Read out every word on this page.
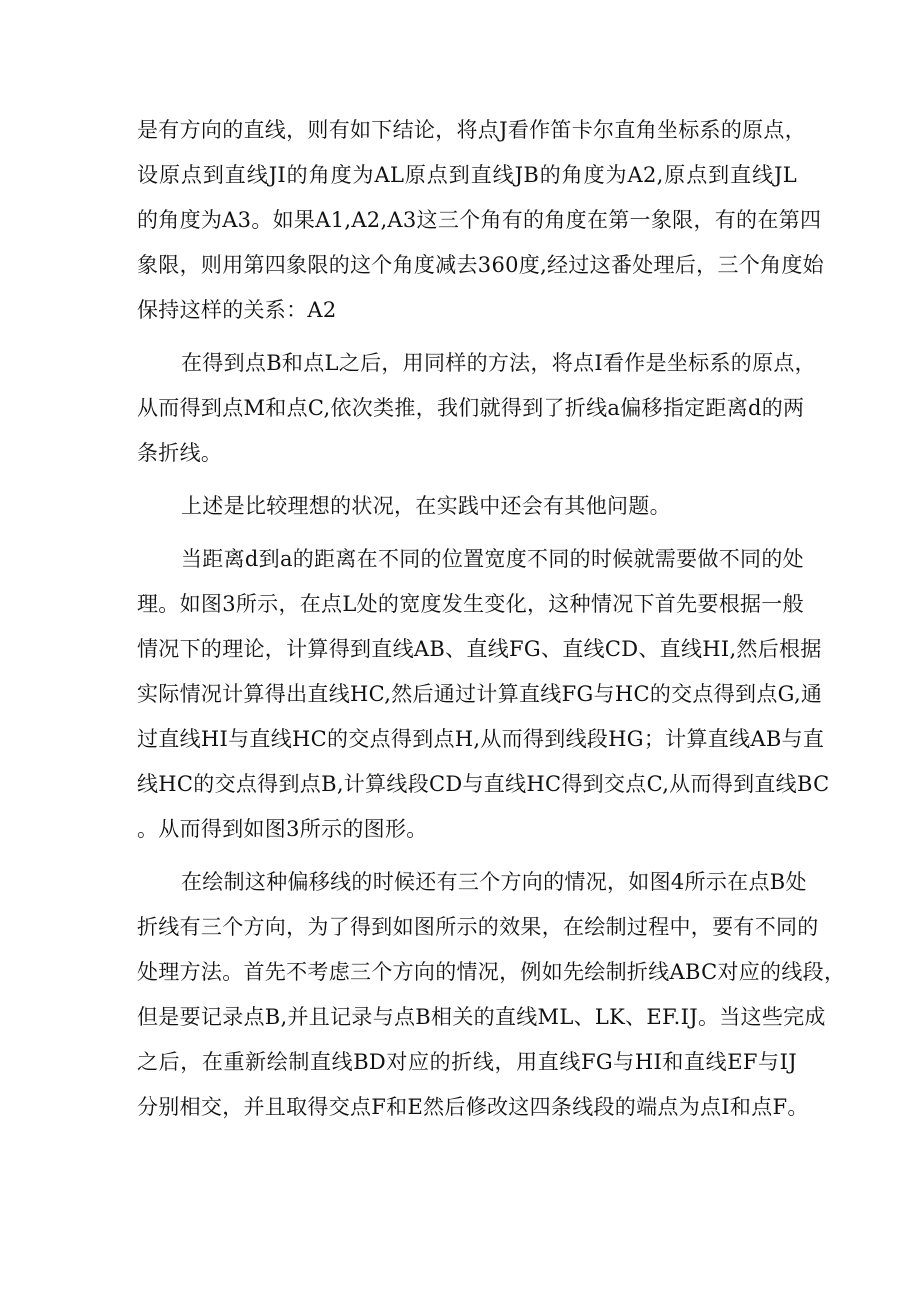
是有方向的直线，则有如下结论，将点J看作笛卡尔直角坐标系的原点，
设原点到直线JI的角度为AL原点到直线JB的角度为A2,原点到直线JL
的角度为A3。如果A1,A2,A3这三个角有的角度在第一象限，有的在第四
象限，则用第四象限的这个角度减去360度,经过这番处理后，三个角度始
保持这样的关系：A2
在得到点B和点L之后，用同样的方法，将点I看作是坐标系的原点，
从而得到点M和点C,依次类推，我们就得到了折线a偏移指定距离d的两
条折线。
上述是比较理想的状况，在实践中还会有其他问题。
当距离d到a的距离在不同的位置宽度不同的时候就需要做不同的处
理。如图3所示，在点L处的宽度发生变化，这种情况下首先要根据一般
情况下的理论，计算得到直线AB、直线FG、直线CD、直线HI,然后根据
实际情况计算得出直线HC,然后通过计算直线FG与HC的交点得到点G,通
过直线HI与直线HC的交点得到点H,从而得到线段HG；计算直线AB与直
线HC的交点得到点B,计算线段CD与直线HC得到交点C,从而得到直线BC
。从而得到如图3所示的图形。
在绘制这种偏移线的时候还有三个方向的情况，如图4所示在点B处
折线有三个方向，为了得到如图所示的效果，在绘制过程中，要有不同的
处理方法。首先不考虑三个方向的情况，例如先绘制折线ABC对应的线段，
但是要记录点B,并且记录与点B相关的直线ML、LK、EF.IJ。当这些完成
之后，在重新绘制直线BD对应的折线，用直线FG与HI和直线EF与IJ
分别相交，并且取得交点F和E然后修改这四条线段的端点为点I和点F。
